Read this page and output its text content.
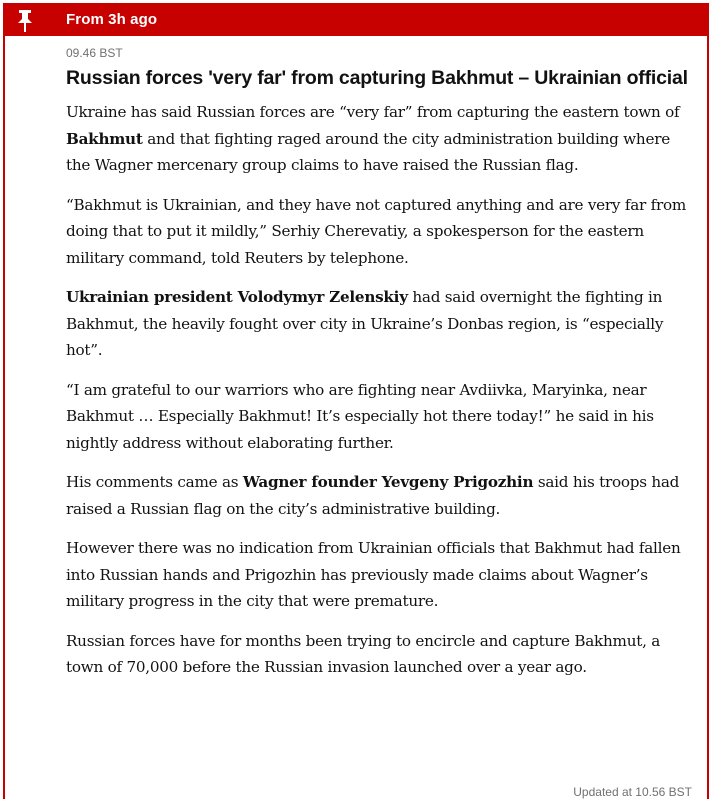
From 3h ago
09.46 BST
Russian forces 'very far' from capturing Bakhmut – Ukrainian official

Ukraine has said Russian forces are “very far” from capturing the eastern town of Bakhmut and that fighting raged around the city administration building where the Wagner mercenary group claims to have raised the Russian flag.

“Bakhmut is Ukrainian, and they have not captured anything and are very far from doing that to put it mildly,” Serhiy Cherevatiy, a spokesperson for the eastern military command, told Reuters by telephone.

Ukrainian president Volodymyr Zelenskiy had said overnight the fighting in Bakhmut, the heavily fought over city in Ukraine’s Donbas region, is “especially hot”.

“I am grateful to our warriors who are fighting near Avdiivka, Maryinka, near Bakhmut … Especially Bakhmut! It’s especially hot there today!” he said in his nightly address without elaborating further.

His comments came as Wagner founder Yevgeny Prigozhin said his troops had raised a Russian flag on the city’s administrative building.

However there was no indication from Ukrainian officials that Bakhmut had fallen into Russian hands and Prigozhin has previously made claims about Wagner’s military progress in the city that were premature.

Russian forces have for months been trying to encircle and capture Bakhmut, a town of 70,000 before the Russian invasion launched over a year ago.

Updated at 10.56 BST
